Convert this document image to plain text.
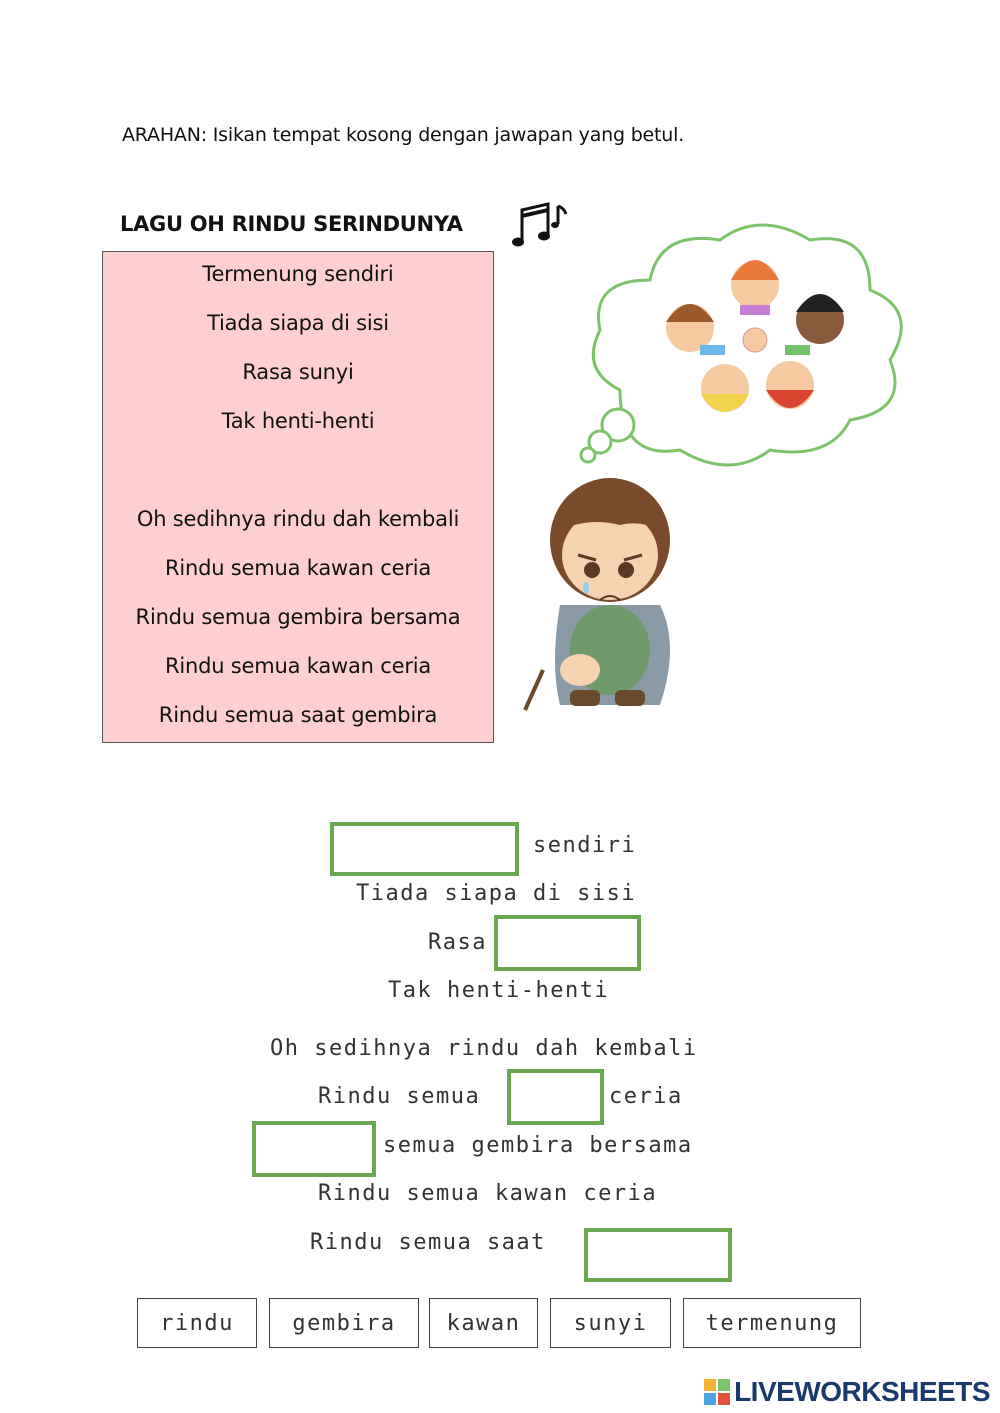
ARAHAN: Isikan tempat kosong dengan jawapan yang betul.
LAGU OH RINDU SERINDUNYA
Termenung sendiri
Tiada siapa di sisi
Rasa sunyi
Tak henti-henti
Oh sedihnya rindu dah kembali
Rindu semua kawan ceria
Rindu semua gembira bersama
Rindu semua kawan ceria
Rindu semua saat gembira
sendiri
Tiada siapa di sisi
Rasa
Tak henti-henti
Oh sedihnya rindu dah kembali
Rindu semua	ceria
semua gembira bersama
Rindu semua kawan ceria
Rindu semua saat
rindu	gembira	kawan	sunyi	termenung
LIVEWORKSHEETS
